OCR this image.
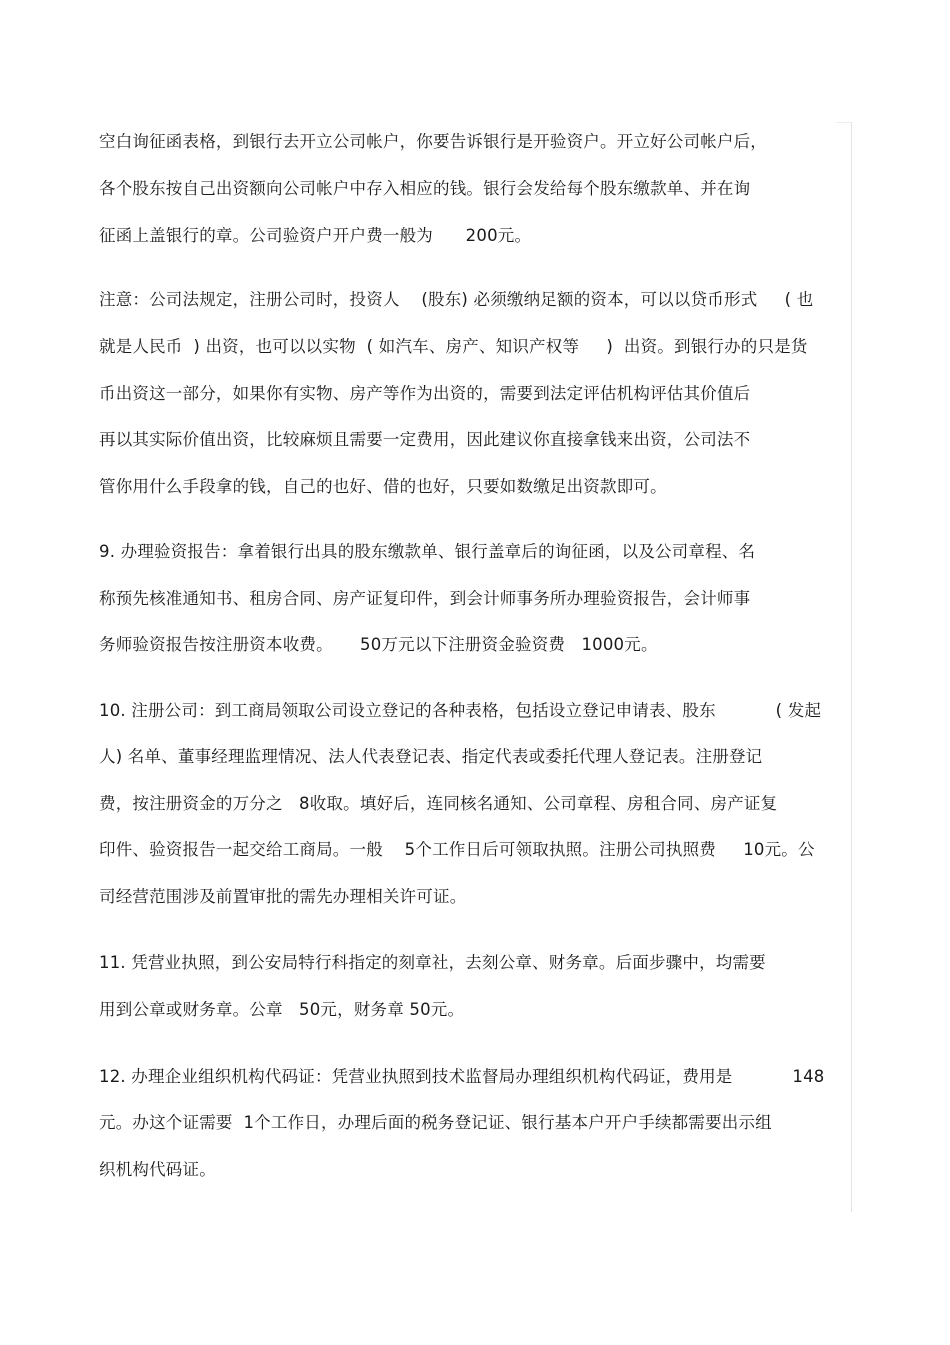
空白询征函表格，到银行去开立公司帐户，你要告诉银行是开验资户。开立好公司帐户后，
各个股东按自己出资额向公司帐户中存入相应的钱。银行会发给每个股东缴款单、并在询
征函上盖银行的章。公司验资户开户费一般为      200元。
注意：公司法规定，注册公司时，投资人    (股东) 必须缴纳足额的资本，可以以贷币形式     ( 也
就是人民币  ) 出资，也可以以实物  ( 如汽车、房产、知识产权等     )  出资。到银行办的只是货
币出资这一部分，如果你有实物、房产等作为出资的，需要到法定评估机构评估其价值后
再以其实际价值出资，比较麻烦且需要一定费用，因此建议你直接拿钱来出资，公司法不
管你用什么手段拿的钱，自己的也好、借的也好，只要如数缴足出资款即可。
9. 办理验资报告：拿着银行出具的股东缴款单、银行盖章后的询征函，以及公司章程、名
称预先核准通知书、租房合同、房产证复印件，到会计师事务所办理验资报告，会计师事
务师验资报告按注册资本收费。     50万元以下注册资金验资费   1000元。
10. 注册公司：到工商局领取公司设立登记的各种表格，包括设立登记申请表、股东           ( 发起
人) 名单、董事经理监理情况、法人代表登记表、指定代表或委托代理人登记表。注册登记
费，按注册资金的万分之   8收取。填好后，连同核名通知、公司章程、房租合同、房产证复
印件、验资报告一起交给工商局。一般    5个工作日后可领取执照。注册公司执照费     10元。公
司经营范围涉及前置审批的需先办理相关许可证。
11. 凭营业执照，到公安局特行科指定的刻章社，去刻公章、财务章。后面步骤中，均需要
用到公章或财务章。公章   50元，财务章 50元。
12. 办理企业组织机构代码证：凭营业执照到技术监督局办理组织机构代码证，费用是           148
元。办这个证需要  1个工作日，办理后面的税务登记证、银行基本户开户手续都需要出示组
织机构代码证。
